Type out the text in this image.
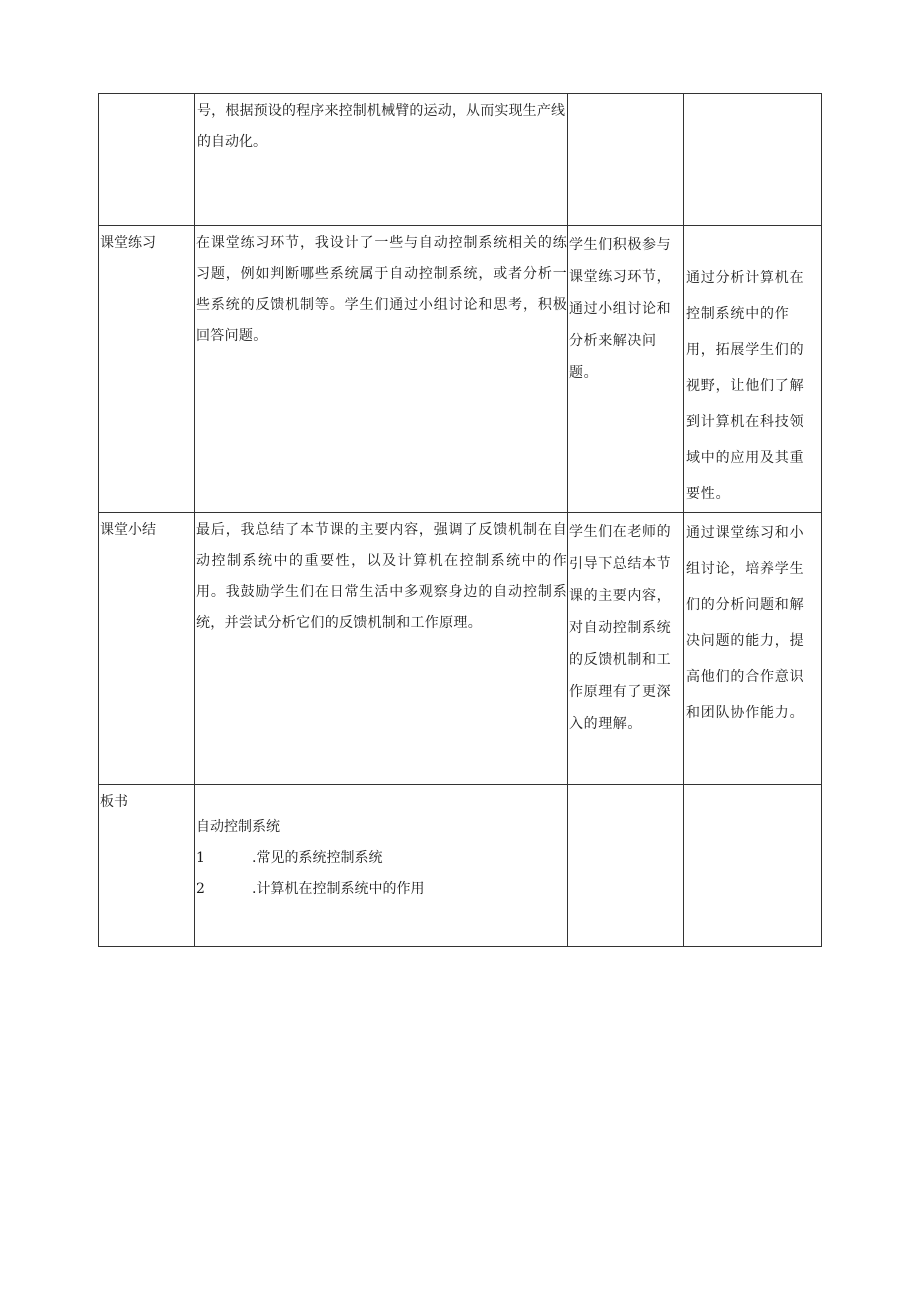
	号，根据预设的程序来控制机械臂的运动，从而实现生产线的自动化。		

课堂练习	在课堂练习环节，我设计了一些与自动控制系统相关的练习题，例如判断哪些系统属于自动控制系统，或者分析一些系统的反馈机制等。学生们通过小组讨论和思考，积极回答问题。	学生们积极参与课堂练习环节，通过小组讨论和分析来解决问题。	通过分析计算机在控制系统中的作用，拓展学生们的视野，让他们了解到计算机在科技领域中的应用及其重要性。

课堂小结	最后，我总结了本节课的主要内容，强调了反馈机制在自动控制系统中的重要性，以及计算机在控制系统中的作用。我鼓励学生们在日常生活中多观察身边的自动控制系统，并尝试分析它们的反馈机制和工作原理。	学生们在老师的引导下总结本节课的主要内容，对自动控制系统的反馈机制和工作原理有了更深入的理解。	通过课堂练习和小组讨论，培养学生们的分析问题和解决问题的能力，提高他们的合作意识和团队协作能力。

板书	自动控制系统
1 .常见的系统控制系统
2 .计算机在控制系统中的作用		
